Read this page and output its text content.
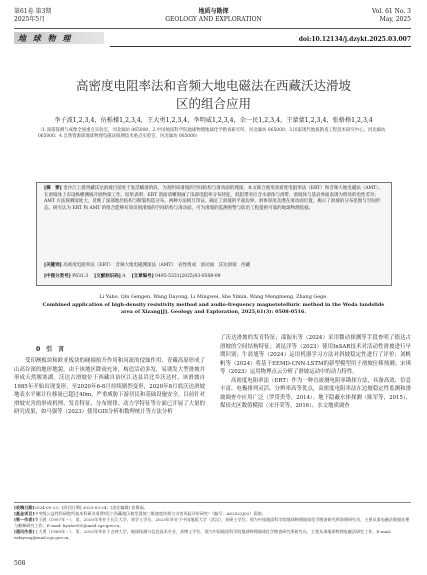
第61卷 第3期
2025年5月
地质与勘探
GEOLOGY AND EXPLORATION
Vol. 61 No. 3
May, 2025
地 球 物 理	doi:10.12134/j.dzykt.2025.03.007
高密度电阻率法和音频大地电磁法在西藏沃达滑坡
区的组合应用
李子波1,2,3,4，伍栎楼1,2,3,4，王大勇1,2,3,4，李明威1,2,3,4，余一民1,2,3,4，王蒙蒙1,2,3,4，张格格1,2,3,4
（1.深部探测与成像全国重点实验室，河北廊坊 065000；2.中国地质科学院地球物理地球化学勘查研究所，河北廊坊 065000；3.国家现代地质勘查工程技术研究中心，河北廊坊 065000；4.自然资源部地球物理电磁法探测技术重点实验室，河北廊坊 065000）
[摘　要] 金沙江上游西藏沃达滑坡目前处于复活蠕滑阶段，为查明该滑坡的空间结构与滑动面的埋深，本文联合使用高密度电阻率法（ERT）和音频大地电磁法（AMT），在滑坡体上布设纵横测线开展物探工作。结果表明：ERT 剖面清晰刻画了浅部电阻率分布特征，低阻带对应含水滑体与滑带，滑坡体与基岩界面表现为明显的电性差异；AMT 方法探测深度大，反映了深部地层结构与断裂构造分布。两种方法相互印证，确定了滑坡的平面边界、滑体厚度及潜在滑动面位置，揭示了滑坡的分布范围与空间形态。研究认为 ERT 和 AMT 的组合能够有效识别滑坡的空间结构与滑动面，可为滑坡的监测预警与防治工程提供可靠的地球物理依据。
[关键词] 高密度电阻率法（ERT）　音频大地电磁测深法（AMT）　岩性组成　滑动面　沃达滑坡　西藏
[中图分类号] P631.3　 [文献标识码] A　 [文章编号] 0495-5331(2025)03-0508-09
Li Yubo, Qin Gengen, Wang Dayong, Li Mingwei, She Yimin, Wang Mengmeng, Zhang Gege.
Combined application of high-density resistivity method and audio-frequency magnetotelluric method in the Woda landslide area of Xizang[J]. Geology and Exploration, 2025,61(3): 0508-0516.
0　引　言
受印澳板块和欧亚板块的碰撞抬升作用和河流的侵蚀作用，青藏高原形成了山高谷深的地形地貌，由于该地区降雨充沛，构造活动多发，易诱发大型滑坡并形成天然堰塞湖。沃达古滑坡位于西藏自治区江达县岩比乡沃达村，该滑坡自1985年开始出现变形，至2020年6-8月持续剧烈变形，2020年8月底沃达滑坡地表水平累计位移量已超过40m，严重威胁下游居民和基础设施安全。目前针对滑坡灾害的形成机理、发育特征、分布规律、动力学特征等方面已开展了大量的研究成果，如马强等（2023）使用GIS分析和数理统计等方法分析
了沃达滑坡的发育特征；邵振东等（2024）采用微动探测等手段查明了德达古滑坡的空间结构特征；刘昆洋等（2023）使用InSAR技术对活动性滑坡进行早期识别；牛晨旭等（2024）运用机器学习方法对斜坡稳定性进行了评价；刘帆帆等（2024）将基于EEMD-CNN-LSTM的新型模型用于滑坡位移预测；宋琪等（2023）运用物理点云分析了滑坡运动中的动力特性。
高密度电阻率法（ERT）作为一种直流测电阻率勘探方法，具备高效、信息丰富、电极排列灵活、分辨率高等优点，高密度电阻率法在边坡稳定性监测和滑坡调查中应用广泛（罗贷贵等，2014）。地下隐蔽水体探测（陈军等，2015）、煤田火区数值模拟（宋开荣等，2016）、水文地质调查
[收稿日期]2024-09-23；[改回日期] 2025-03-24；[责任编辑] 张敬茹。
[基金项目]中央级公益性科研院所基本科研业务费项目"西藏地区典型滑坡三维速度结构与灾害风险评价研究"（编号：AS2022J02）资助。
[第一作者]李子波（1997年－），男，2020年毕业于长江大学，获学士学位，2023年毕业于中国地质大学（武汉），获硕士学位，现为中国地质科学院地球物理地球化学勘查研究所助理研究员，主要从事电磁法数据处理与解释研究工作。E-mail: liyubo001@mail.cgs.gov.cn。
[通讯作者]王大勇（1980年－），男，2010年毕业于吉林大学，地球探测与信息技术专业，获博士学位，现为中国地质科学院地球物理地球化学勘查研究所研究员，主要从事地球物理电磁法研究工作。E-mail: wdayong@mail.cgs.gov.cn。
508
